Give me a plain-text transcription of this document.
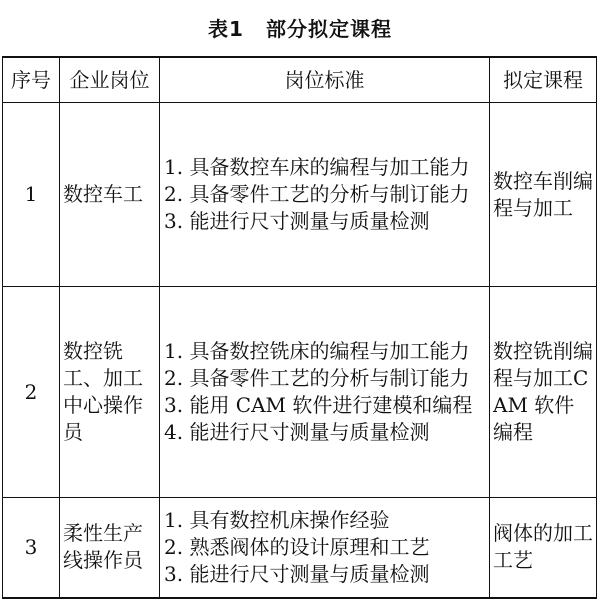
表1 部分拟定课程
序号	企业岗位	岗位标准	拟定课程
1	数控车工	1. 具备数控车床的编程与加工能力
2. 具备零件工艺的分析与制订能力
3. 能进行尺寸测量与质量检测	数控车削编程与加工
2	数控铣工、加工中心操作员	1. 具备数控铣床的编程与加工能力
2. 具备零件工艺的分析与制订能力
3. 能用 CAM 软件进行建模和编程
4. 能进行尺寸测量与质量检测	数控铣削编程与加工CAM 软件编程
3	柔性生产线操作员	1. 具有数控机床操作经验
2. 熟悉阀体的设计原理和工艺
3. 能进行尺寸测量与质量检测	阀体的加工工艺
